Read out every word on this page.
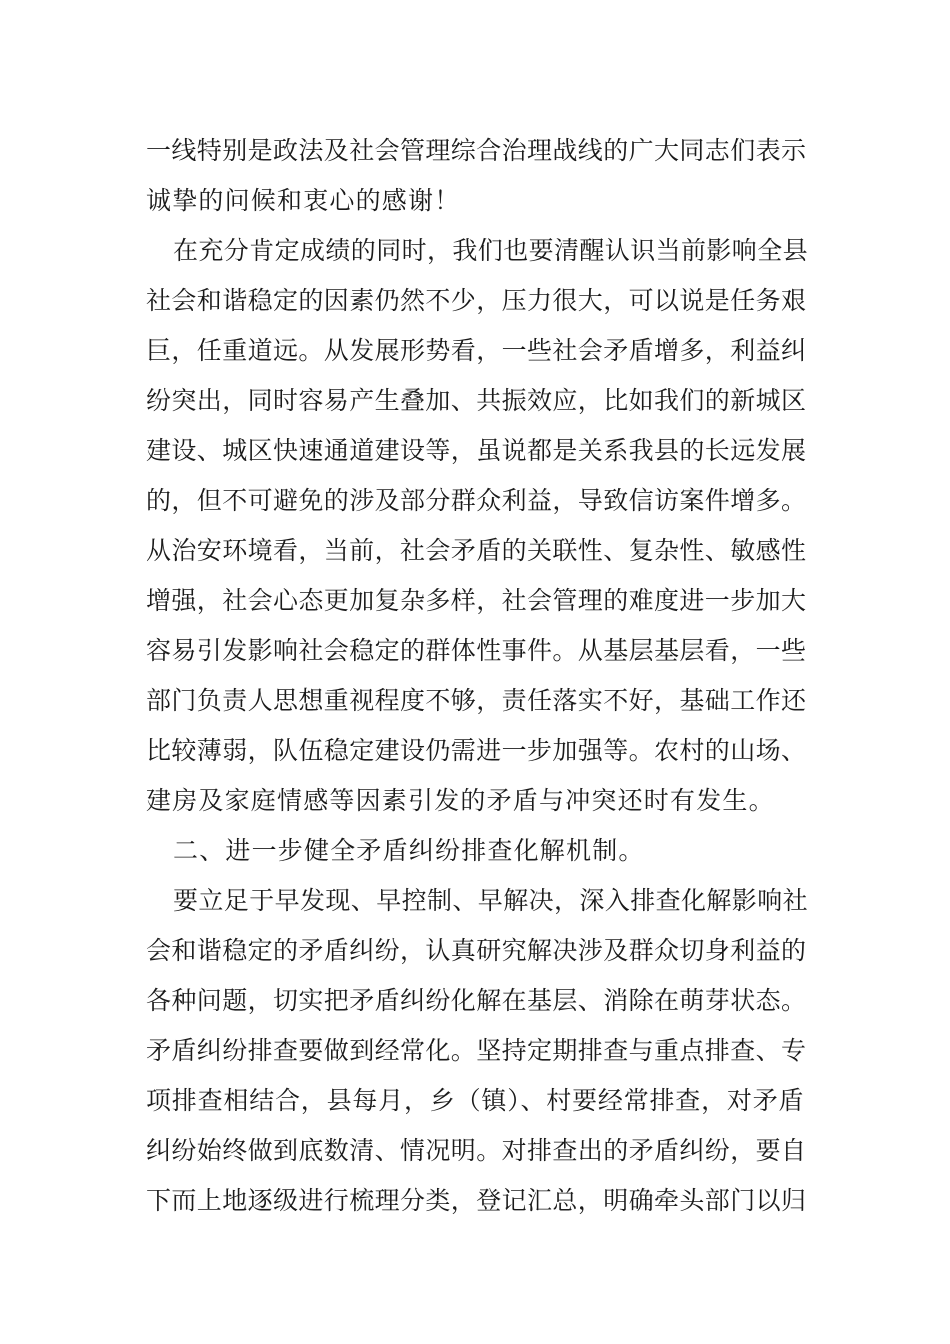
一线特别是政法及社会管理综合治理战线的广大同志们表示
诚挚的问候和衷心的感谢！
在充分肯定成绩的同时，我们也要清醒认识当前影响全县
社会和谐稳定的因素仍然不少，压力很大，可以说是任务艰
巨，任重道远。从发展形势看，一些社会矛盾增多，利益纠
纷突出，同时容易产生叠加、共振效应，比如我们的新城区
建设、城区快速通道建设等，虽说都是关系我县的长远发展
的，但不可避免的涉及部分群众利益，导致信访案件增多。
从治安环境看，当前，社会矛盾的关联性、复杂性、敏感性
增强，社会心态更加复杂多样，社会管理的难度进一步加大
容易引发影响社会稳定的群体性事件。从基层基层看，一些
部门负责人思想重视程度不够，责任落实不好，基础工作还
比较薄弱，队伍稳定建设仍需进一步加强等。农村的山场、
建房及家庭情感等因素引发的矛盾与冲突还时有发生。
二、进一步健全矛盾纠纷排查化解机制。
要立足于早发现、早控制、早解决，深入排查化解影响社
会和谐稳定的矛盾纠纷，认真研究解决涉及群众切身利益的
各种问题，切实把矛盾纠纷化解在基层、消除在萌芽状态。
矛盾纠纷排查要做到经常化。坚持定期排查与重点排查、专
项排查相结合，县每月，乡（镇）、村要经常排查，对矛盾
纠纷始终做到底数清、情况明。对排查出的矛盾纠纷，要自
下而上地逐级进行梳理分类，登记汇总，明确牵头部门以归
